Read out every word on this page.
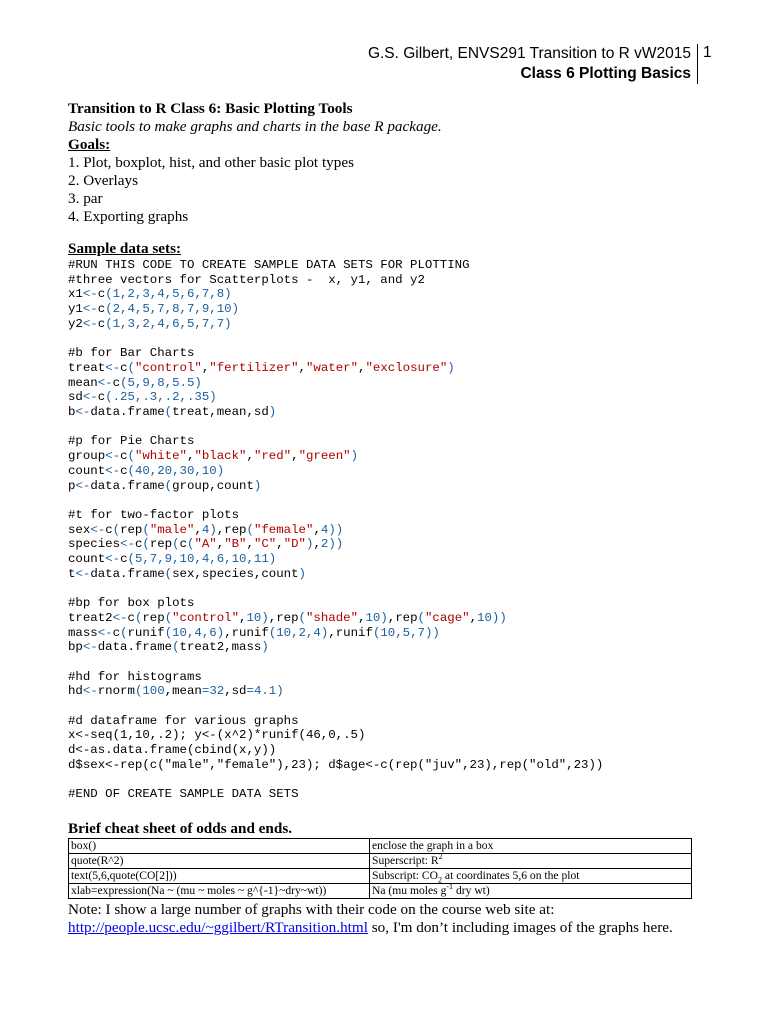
G.S. Gilbert, ENVS291 Transition to R vW2015
Class 6 Plotting Basics
1
Transition to R Class 6: Basic Plotting Tools
Basic tools to make graphs and charts in the base R package.
Goals:
1. Plot, boxplot, hist, and other basic plot types
2. Overlays
3. par
4. Exporting graphs
Sample data sets:
#RUN THIS CODE TO CREATE SAMPLE DATA SETS FOR PLOTTING
#three vectors for Scatterplots -  x, y1, and y2
x1<-c(1,2,3,4,5,6,7,8)
y1<-c(2,4,5,7,8,7,9,10)
y2<-c(1,3,2,4,6,5,7,7)
#b for Bar Charts
treat<-c("control","fertilizer","water","exclosure")
mean<-c(5,9,8,5.5)
sd<-c(.25,.3,.2,.35)
b<-data.frame(treat,mean,sd)
#p for Pie Charts
group<-c("white","black","red","green")
count<-c(40,20,30,10)
p<-data.frame(group,count)
#t for two-factor plots
sex<-c(rep("male",4),rep("female",4))
species<-c(rep(c("A","B","C","D"),2))
count<-c(5,7,9,10,4,6,10,11)
t<-data.frame(sex,species,count)
#bp for box plots
treat2<-c(rep("control",10),rep("shade",10),rep("cage",10))
mass<-c(runif(10,4,6),runif(10,2,4),runif(10,5,7))
bp<-data.frame(treat2,mass)
#hd for histograms
hd<-rnorm(100,mean=32,sd=4.1)
#d dataframe for various graphs
x<-seq(1,10,.2); y<-(x^2)*runif(46,0,.5)
d<-as.data.frame(cbind(x,y))
d$sex<-rep(c("male","female"),23); d$age<-c(rep("juv",23),rep("old",23))
#END OF CREATE SAMPLE DATA SETS
Brief cheat sheet of odds and ends.
box()	enclose the graph in a box
quote(R^2)	Superscript: $R^2$
text(5,6,quote(CO[2]))	Subscript: $CO_2$ at coordinates 5,6 on the plot
xlab=expression(Na ~ (mu ~ moles ~ g^{-1}~dry~wt))	Na (mu moles $g^{-1}$ dry wt)
Note: I show a large number of graphs with their code on the course web site at:
http://people.ucsc.edu/~ggilbert/RTransition.html so, I'm don’t including images of the graphs here.
